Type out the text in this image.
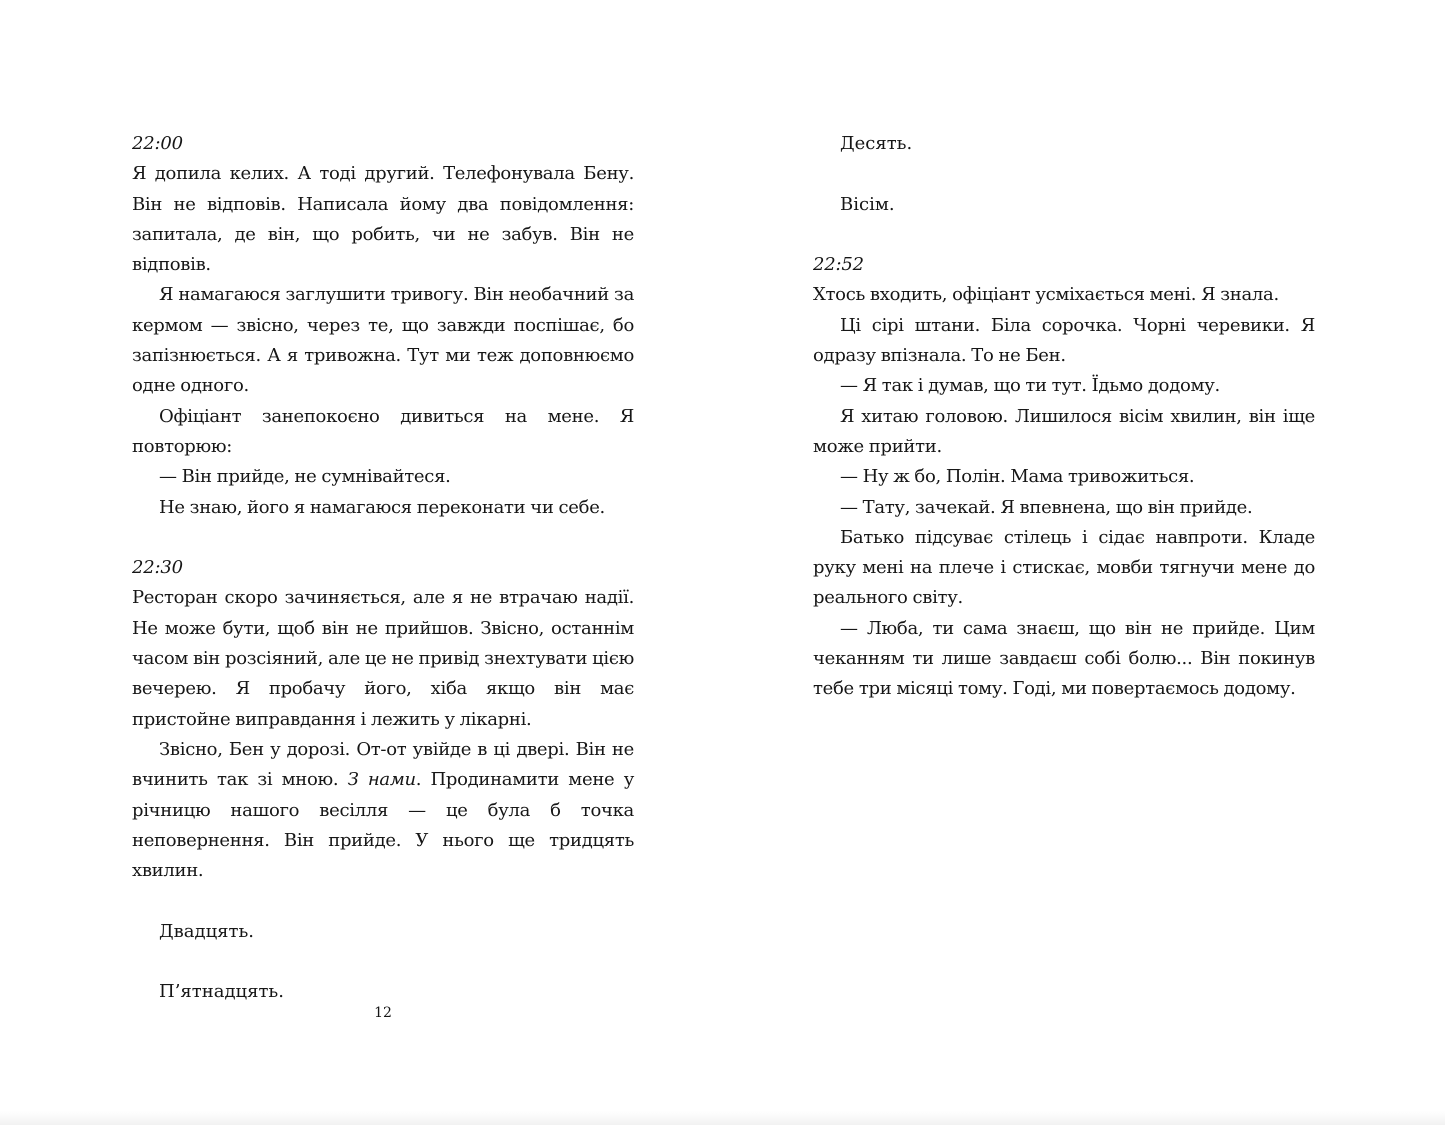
22:00

Я допила келих. А тоді другий. Телефонувала Бену. Він не відповів. Написала йому два повідомлення: запитала, де він, що робить, чи не забув. Він не відповів.

Я намагаюся заглушити тривогу. Він необачний за кермом — звісно, через те, що завжди поспішає, бо запізнюється. А я тривожна. Тут ми теж доповнюємо одне одного.

Офіціант занепокоєно дивиться на мене. Я повторюю:

— Він прийде, не сумнівайтеся.

Не знаю, його я намагаюся переконати чи себе.

22:30

Ресторан скоро зачиняється, але я не втрачаю надії. Не може бути, щоб він не прийшов. Звісно, останнім часом він розсіяний, але це не привід знехтувати цією вечерею. Я пробачу його, хіба якщо він має пристойне виправдання і лежить у лікарні.

Звісно, Бен у дорозі. От-от увійде в ці двері. Він не вчинить так зі мною. З нами. Продинамити мене у річницю нашого весілля — це була б точка неповернення. Він прийде. У нього ще тридцять хвилин.

Двадцять.

П’ятнадцять.

Десять.

Вісім.

22:52

Хтось входить, офіціант усміхається мені. Я знала.

Ці сірі штани. Біла сорочка. Чорні черевики. Я одразу впізнала. То не Бен.

— Я так і думав, що ти тут. Їдьмо додому.

Я хитаю головою. Лишилося вісім хвилин, він іще може прийти.

— Ну ж бо, Полін. Мама тривожиться.

— Тату, зачекай. Я впевнена, що він прийде.

Батько підсуває стілець і сідає навпроти. Кладе руку мені на плече і стискає, мовби тягнучи мене до реального світу.

— Люба, ти сама знаєш, що він не прийде. Цим чеканням ти лише завдаєш собі болю... Він покинув тебе три місяці тому. Годі, ми повертаємось додому.

12
